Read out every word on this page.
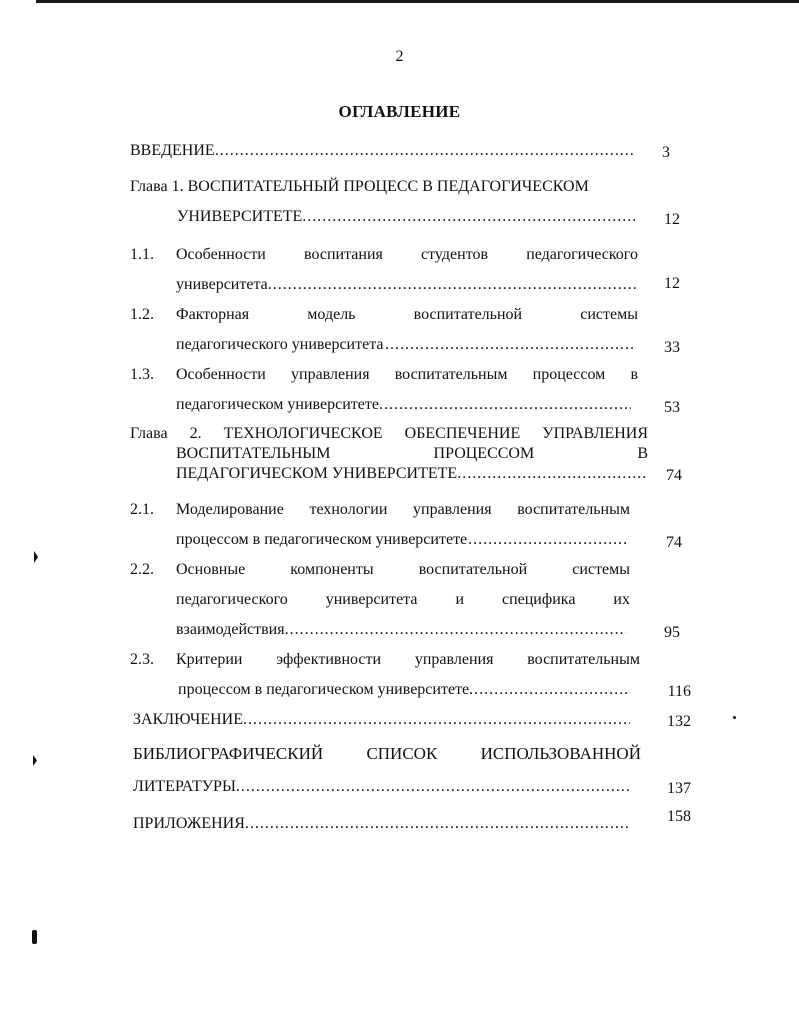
2
ОГЛАВЛЕНИЕ
ВВЕДЕНИЕ .....	3
Глава 1. ВОСПИТАТЕЛЬНЫЙ ПРОЦЕСС В ПЕДАГОГИЧЕСКОМ
УНИВЕРСИТЕТЕ .....	12
1.1.	Особенности воспитания студентов педагогического
университета .....	12
1.2.	Факторная	модель	воспитательной	системы
педагогического университета .....	33
1.3.	Особенности управления воспитательным процессом в
педагогическом университете .....	53
Глава 2. ТЕХНОЛОГИЧЕСКОЕ ОБЕСПЕЧЕНИЕ УПРАВЛЕНИЯ
ВОСПИТАТЕЛЬНЫМ	ПРОЦЕССОМ	В
ПЕДАГОГИЧЕСКОМ УНИВЕРСИТЕТЕ .....	74
2.1.	Моделирование технологии управления воспитательным
процессом в педагогическом университете .....	74
2.2.	Основные	компоненты	воспитательной	системы
педагогического университета и специфика их
взаимодействия .....	95
2.3.	Критерии эффективности управления воспитательным
процессом в педагогическом университете .....	116
ЗАКЛЮЧЕНИЕ .....	132
БИБЛИОГРАФИЧЕСКИЙ	СПИСОК	ИСПОЛЬЗОВАННОЙ
ЛИТЕРАТУРЫ .....	137
ПРИЛОЖЕНИЯ .....	158
